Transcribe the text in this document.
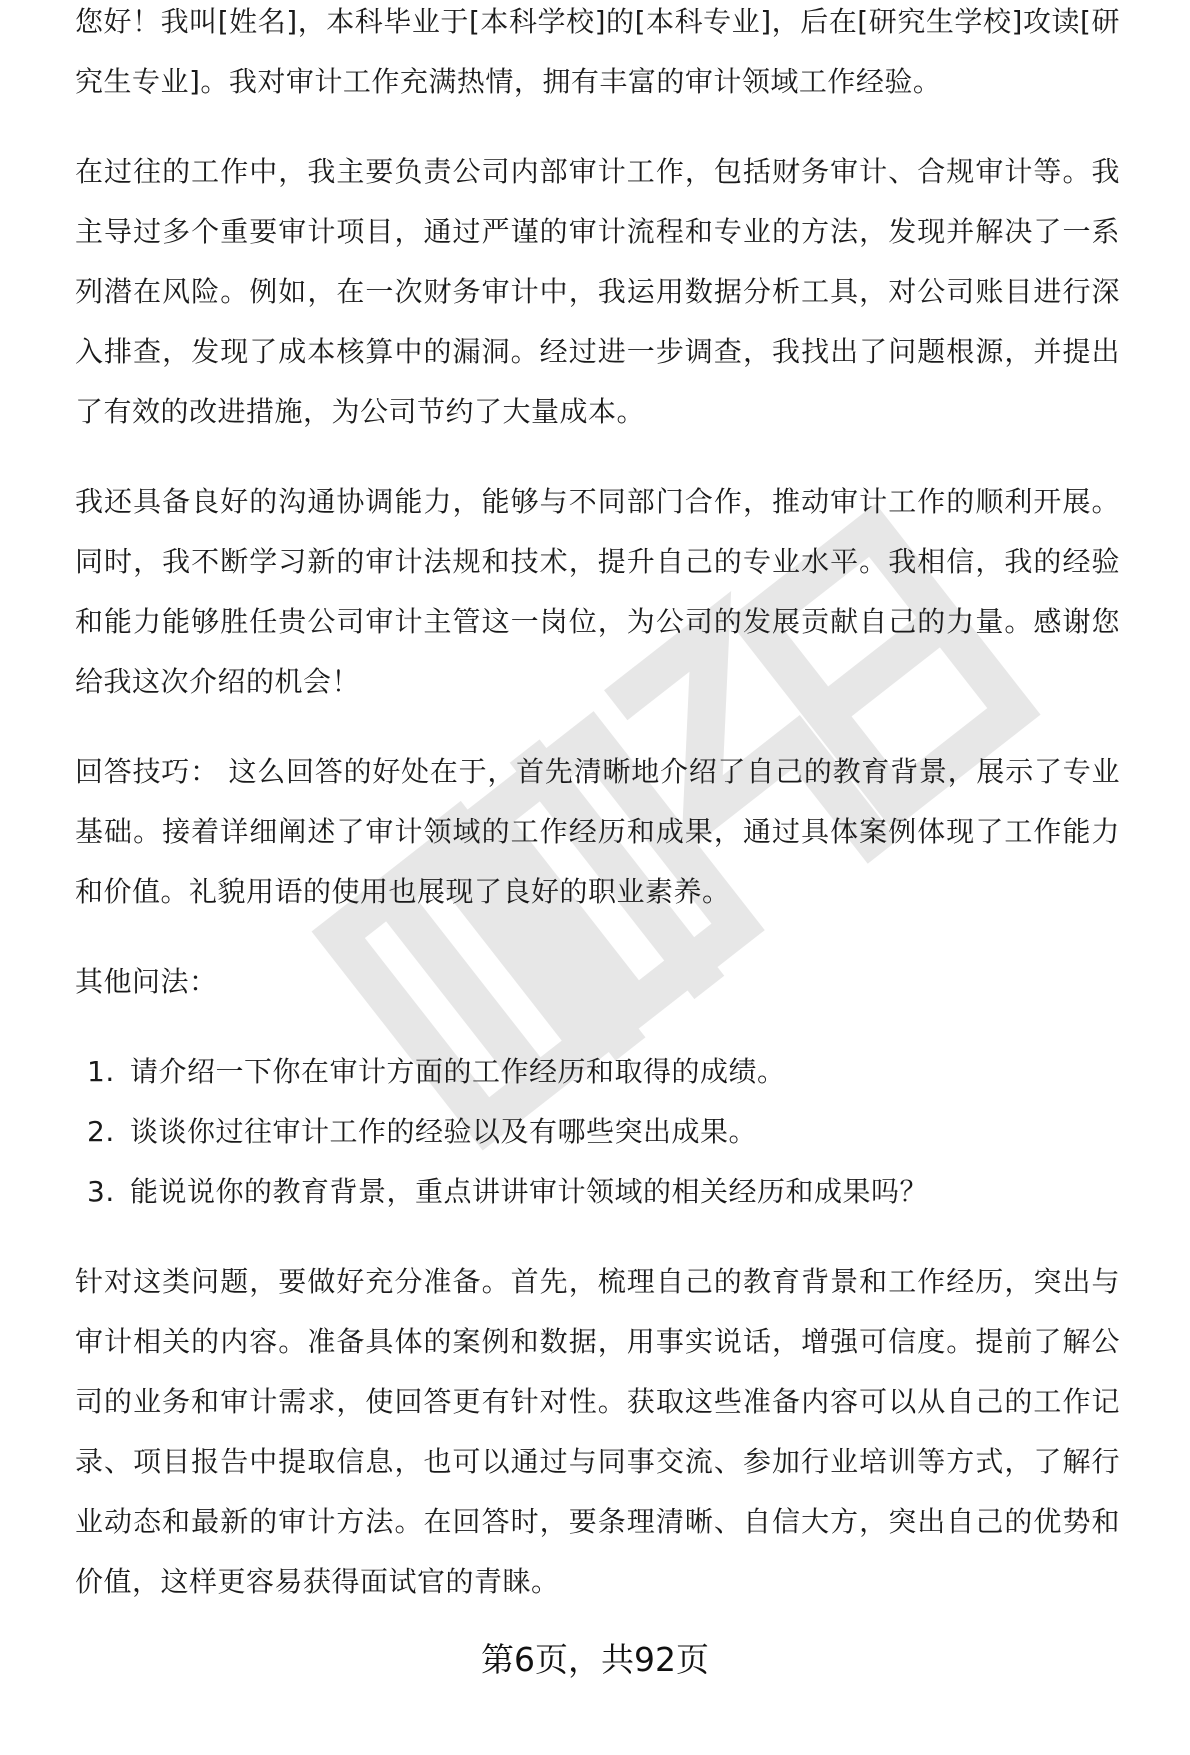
您好！我叫[姓名]，本科毕业于[本科学校]的[本科专业]，后在[研究生学校]攻读[研究生专业]。我对审计工作充满热情，拥有丰富的审计领域工作经验。

在过往的工作中，我主要负责公司内部审计工作，包括财务审计、合规审计等。我主导过多个重要审计项目，通过严谨的审计流程和专业的方法，发现并解决了一系列潜在风险。例如，在一次财务审计中，我运用数据分析工具，对公司账目进行深入排查，发现了成本核算中的漏洞。经过进一步调查，我找出了问题根源，并提出了有效的改进措施，为公司节约了大量成本。

我还具备良好的沟通协调能力，能够与不同部门合作，推动审计工作的顺利开展。同时，我不断学习新的审计法规和技术，提升自己的专业水平。我相信，我的经验和能力能够胜任贵公司审计主管这一岗位，为公司的发展贡献自己的力量。感谢您给我这次介绍的机会！

回答技巧： 这么回答的好处在于，首先清晰地介绍了自己的教育背景，展示了专业基础。接着详细阐述了审计领域的工作经历和成果，通过具体案例体现了工作能力和价值。礼貌用语的使用也展现了良好的职业素养。

其他问法：

1. 请介绍一下你在审计方面的工作经历和取得的成绩。
2. 谈谈你过往审计工作的经验以及有哪些突出成果。
3. 能说说你的教育背景，重点讲讲审计领域的相关经历和成果吗？

针对这类问题，要做好充分准备。首先，梳理自己的教育背景和工作经历，突出与审计相关的内容。准备具体的案例和数据，用事实说话，增强可信度。提前了解公司的业务和审计需求，使回答更有针对性。获取这些准备内容可以从自己的工作记录、项目报告中提取信息，也可以通过与同事交流、参加行业培训等方式，了解行业动态和最新的审计方法。在回答时，要条理清晰、自信大方，突出自己的优势和价值，这样更容易获得面试官的青睐。

第6页，共92页
